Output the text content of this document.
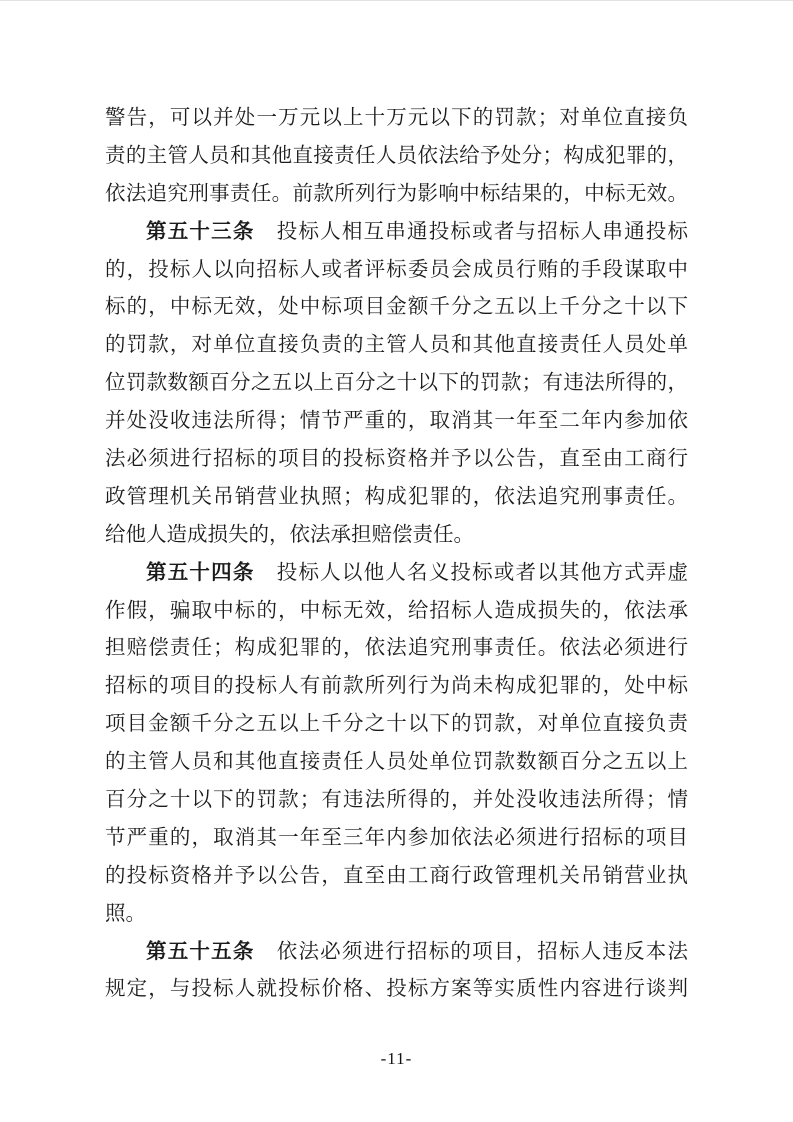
警告，可以并处一万元以上十万元以下的罚款；对单位直接负
责的主管人员和其他直接责任人员依法给予处分；构成犯罪的，
依法追究刑事责任。前款所列行为影响中标结果的，中标无效。
第五十三条 投标人相互串通投标或者与招标人串通投标
的，投标人以向招标人或者评标委员会成员行贿的手段谋取中
标的，中标无效，处中标项目金额千分之五以上千分之十以下
的罚款，对单位直接负责的主管人员和其他直接责任人员处单
位罚款数额百分之五以上百分之十以下的罚款；有违法所得的，
并处没收违法所得；情节严重的，取消其一年至二年内参加依
法必须进行招标的项目的投标资格并予以公告，直至由工商行
政管理机关吊销营业执照；构成犯罪的，依法追究刑事责任。
给他人造成损失的，依法承担赔偿责任。
第五十四条 投标人以他人名义投标或者以其他方式弄虚
作假，骗取中标的，中标无效，给招标人造成损失的，依法承
担赔偿责任；构成犯罪的，依法追究刑事责任。依法必须进行
招标的项目的投标人有前款所列行为尚未构成犯罪的，处中标
项目金额千分之五以上千分之十以下的罚款，对单位直接负责
的主管人员和其他直接责任人员处单位罚款数额百分之五以上
百分之十以下的罚款；有违法所得的，并处没收违法所得；情
节严重的，取消其一年至三年内参加依法必须进行招标的项目
的投标资格并予以公告，直至由工商行政管理机关吊销营业执
照。
第五十五条 依法必须进行招标的项目，招标人违反本法
规定，与投标人就投标价格、投标方案等实质性内容进行谈判
-11-
